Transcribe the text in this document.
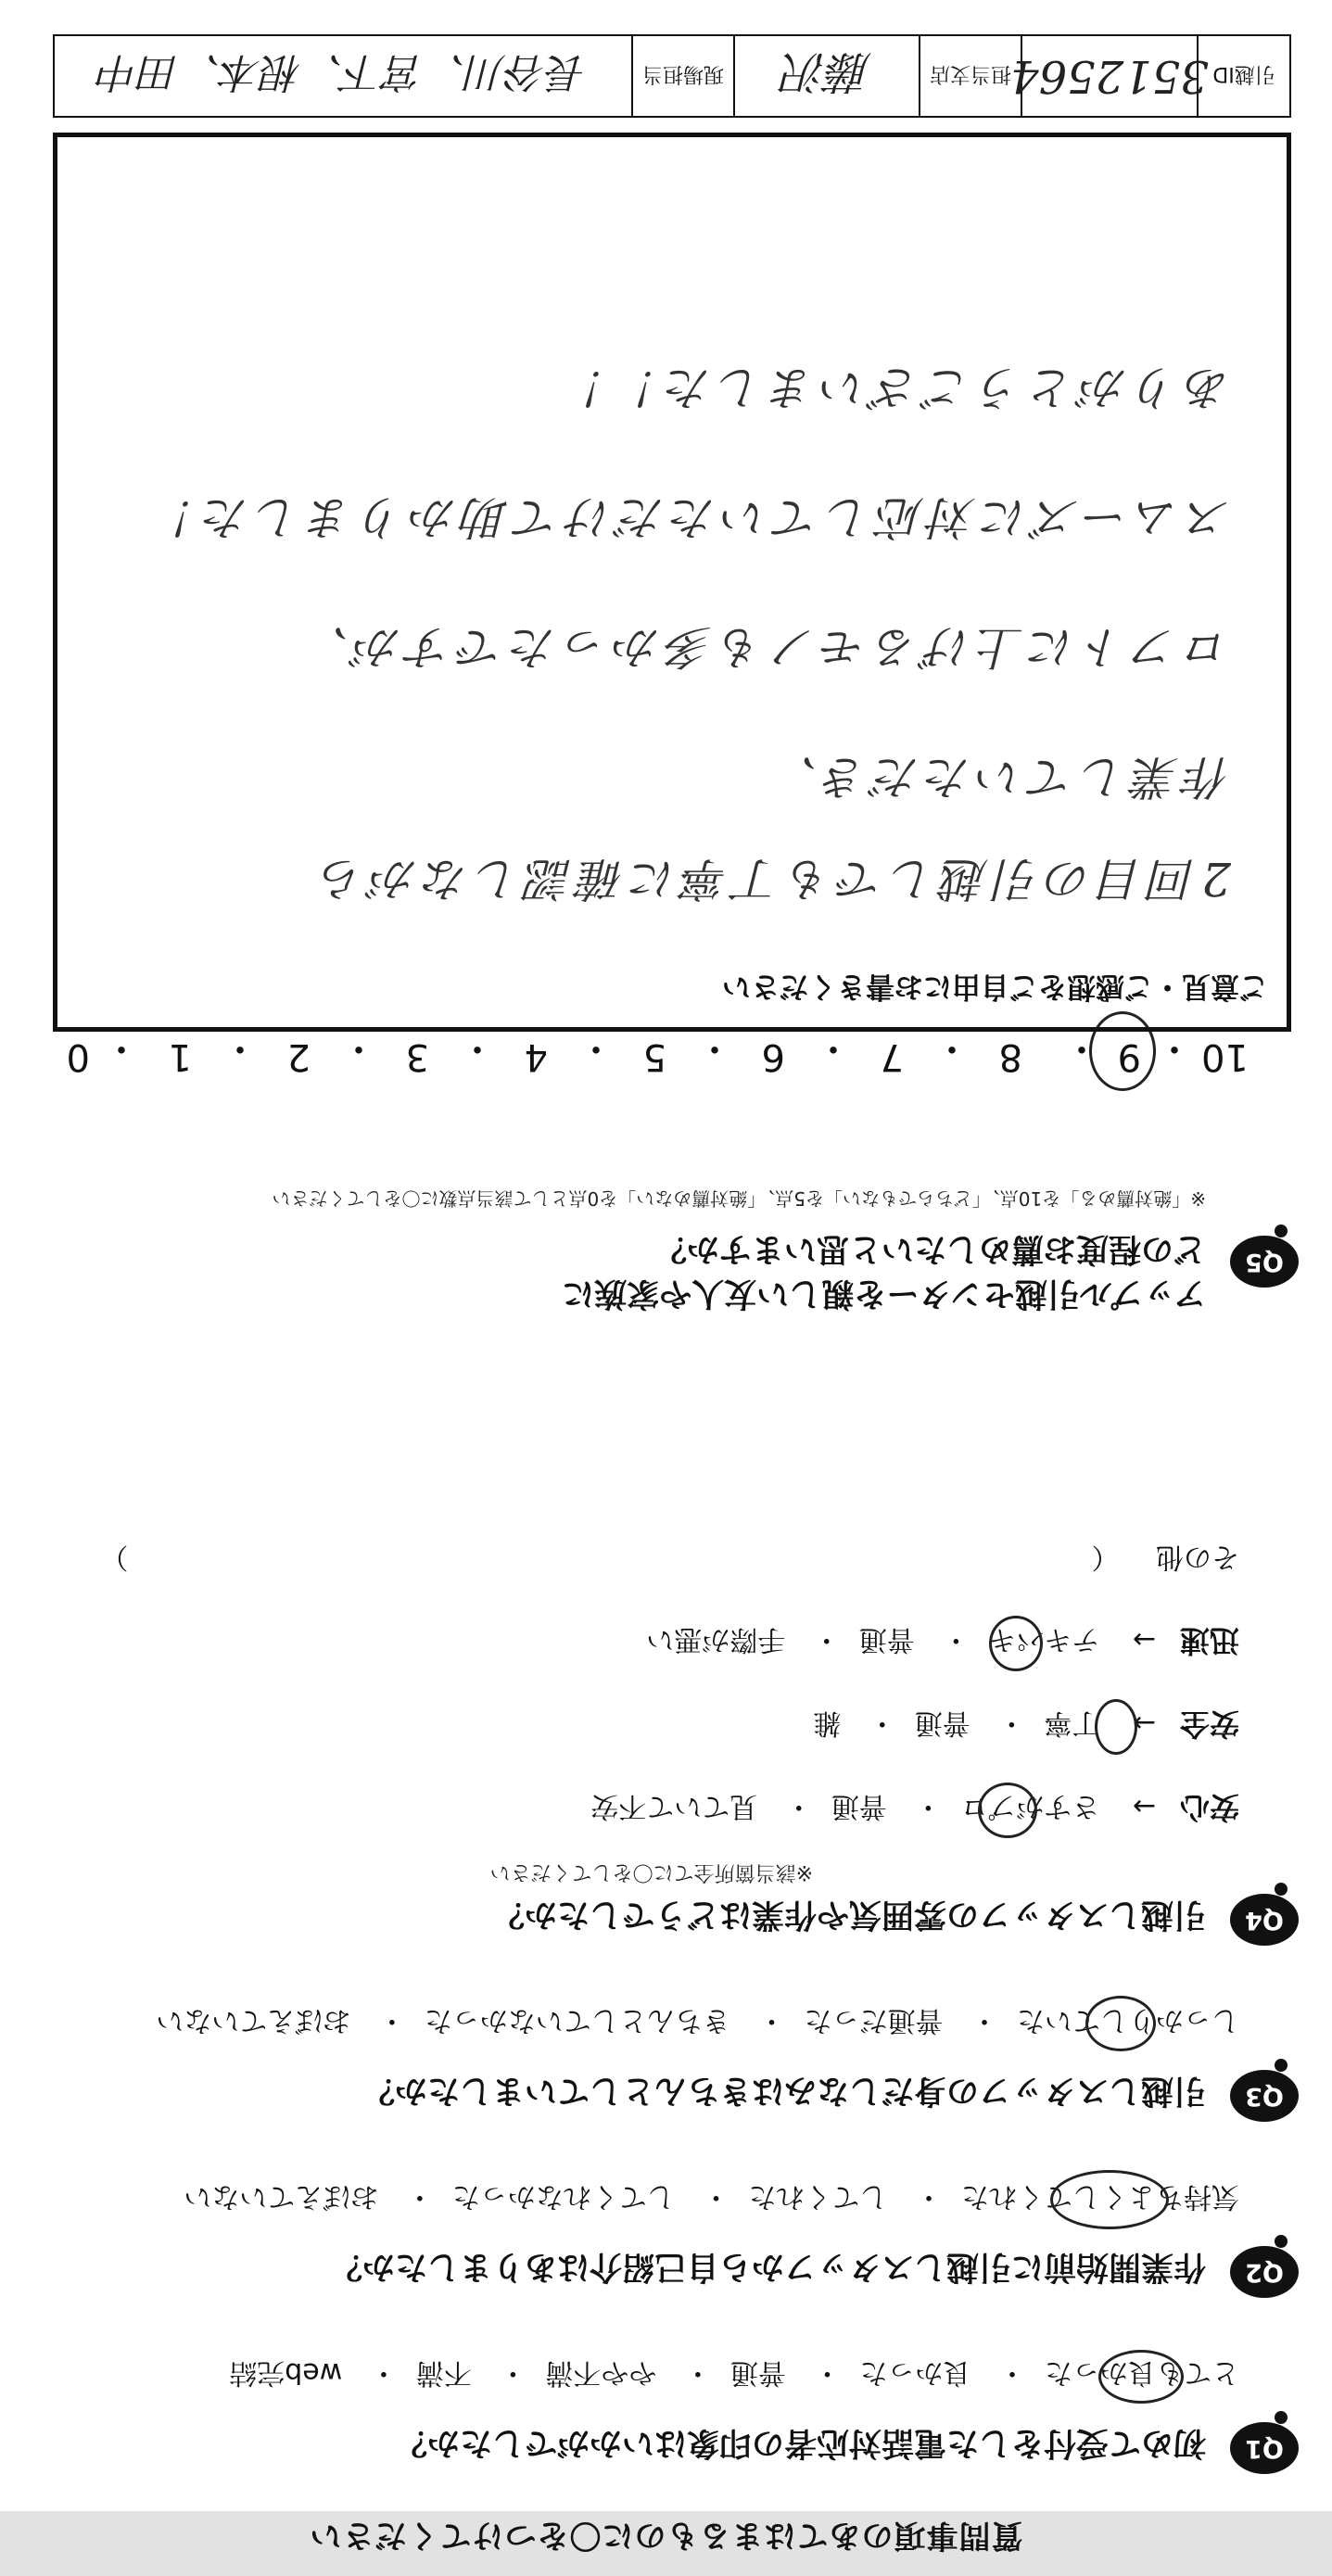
質問事項のあてはまるものに〇をつけてください
Q1
初めて受付をした電話対応者の印象はいかがでしたか？
とても良かった・ 良かった・ 普通・ やや不満・ 不満・ web完結
Q2
作業開始前に引越しスタッフから自己紹介はありましたか？
気持ちよくしてくれた・ してくれた・ してくれなかった・ おぼえていない
Q3
引越しスタッフの身だしなみはきちんとしていましたか？
しっかりしていた・ 普通だった・ きちんとしていなかった・ おぼえていない
Q4
引越しスタッフの雰囲気や作業はどうでしたか？
※該当箇所全てに〇をしてください
安心→ さすがプロ・ 普通・ 見ていて不安
安全→ 丁寧・ 普通・ 雑
迅速→ テキパキ・ 普通・ 手際が悪い
その他 （  ）
Q5
アップル引越センターを親しい友人や家族に
どの程度お薦めしたいと思いますか？
※「絶対薦める」を10点、「どちらでもない」を5点、「絶対薦めない」を0点として該当点数に〇をしてください
10
・
9
・
8
・
7
・
6
・
5
・
4
・
3
・
2
・
1
・
0
ご意見・ご感想をご自由にお書きください
2回目の引越しでも丁寧に確認しながら
作業していただき、
ロフトに上げるモノも多かったですが、
スムーズに対応していただけて助かりました！
ありがとうございました！！
引越ID
3512564
担当支店
藤沢
現場担当
長谷川、宮下、根本、田中
